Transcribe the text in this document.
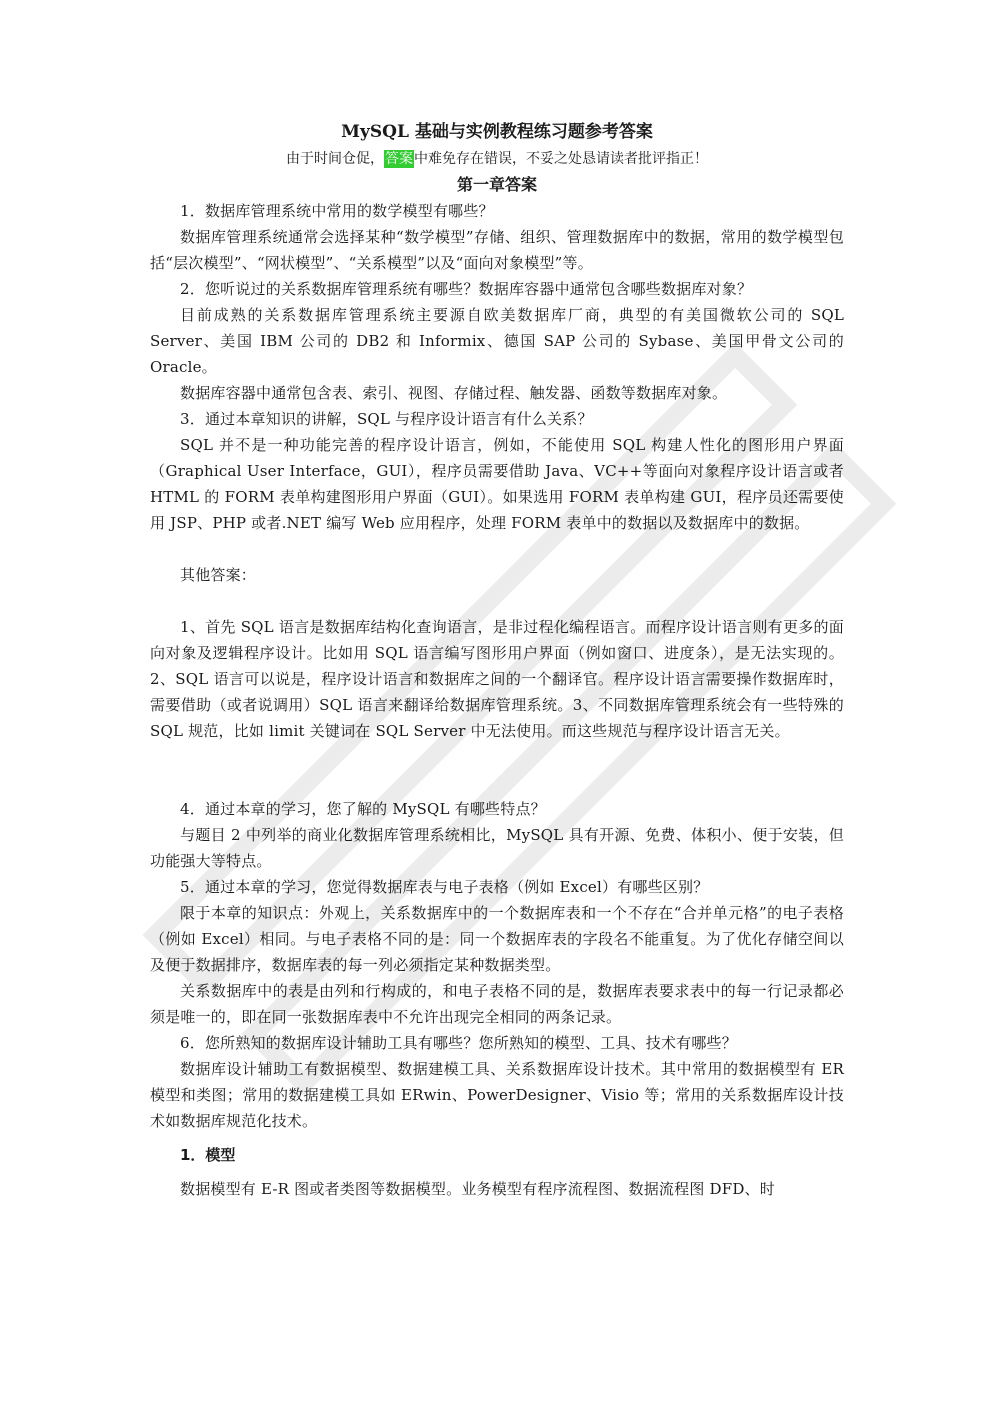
MySQL 基础与实例教程练习题参考答案

由于时间仓促，答案中难免存在错误，不妥之处恳请读者批评指正！

第一章答案

1．数据库管理系统中常用的数学模型有哪些？

数据库管理系统通常会选择某种“数学模型”存储、组织、管理数据库中的数据，常用的数学模型包括“层次模型”、“网状模型”、“关系模型”以及“面向对象模型”等。

2．您听说过的关系数据库管理系统有哪些？数据库容器中通常包含哪些数据库对象？

目前成熟的关系数据库管理系统主要源自欧美数据库厂商，典型的有美国微软公司的 SQL Server、美国 IBM 公司的 DB2 和 Informix、德国 SAP 公司的 Sybase、美国甲骨文公司的 Oracle。

数据库容器中通常包含表、索引、视图、存储过程、触发器、函数等数据库对象。

3．通过本章知识的讲解，SQL 与程序设计语言有什么关系？

SQL 并不是一种功能完善的程序设计语言，例如，不能使用 SQL 构建人性化的图形用户界面（Graphical User Interface，GUI），程序员需要借助 Java、VC++等面向对象程序设计语言或者 HTML 的 FORM 表单构建图形用户界面（GUI）。如果选用 FORM 表单构建 GUI，程序员还需要使用 JSP、PHP 或者.NET 编写 Web 应用程序，处理 FORM 表单中的数据以及数据库中的数据。

其他答案：

1、首先 SQL 语言是数据库结构化查询语言，是非过程化编程语言。而程序设计语言则有更多的面向对象及逻辑程序设计。比如用 SQL 语言编写图形用户界面（例如窗口、进度条），是无法实现的。2、SQL 语言可以说是，程序设计语言和数据库之间的一个翻译官。程序设计语言需要操作数据库时，需要借助（或者说调用）SQL 语言来翻译给数据库管理系统。3、不同数据库管理系统会有一些特殊的 SQL 规范，比如 limit 关键词在 SQL Server 中无法使用。而这些规范与程序设计语言无关。

4．通过本章的学习，您了解的 MySQL 有哪些特点？

与题目 2 中列举的商业化数据库管理系统相比，MySQL 具有开源、免费、体积小、便于安装，但功能强大等特点。

5．通过本章的学习，您觉得数据库表与电子表格（例如 Excel）有哪些区别？

限于本章的知识点：外观上，关系数据库中的一个数据库表和一个不存在“合并单元格”的电子表格（例如 Excel）相同。与电子表格不同的是：同一个数据库表的字段名不能重复。为了优化存储空间以及便于数据排序，数据库表的每一列必须指定某种数据类型。

关系数据库中的表是由列和行构成的，和电子表格不同的是，数据库表要求表中的每一行记录都必须是唯一的，即在同一张数据库表中不允许出现完全相同的两条记录。

6．您所熟知的数据库设计辅助工具有哪些？您所熟知的模型、工具、技术有哪些？

数据库设计辅助工有数据模型、数据建模工具、关系数据库设计技术。其中常用的数据模型有 ER 模型和类图；常用的数据建模工具如 ERwin、PowerDesigner、Visio 等；常用的关系数据库设计技术如数据库规范化技术。

1．模型

数据模型有 E-R 图或者类图等数据模型。业务模型有程序流程图、数据流程图 DFD、时
